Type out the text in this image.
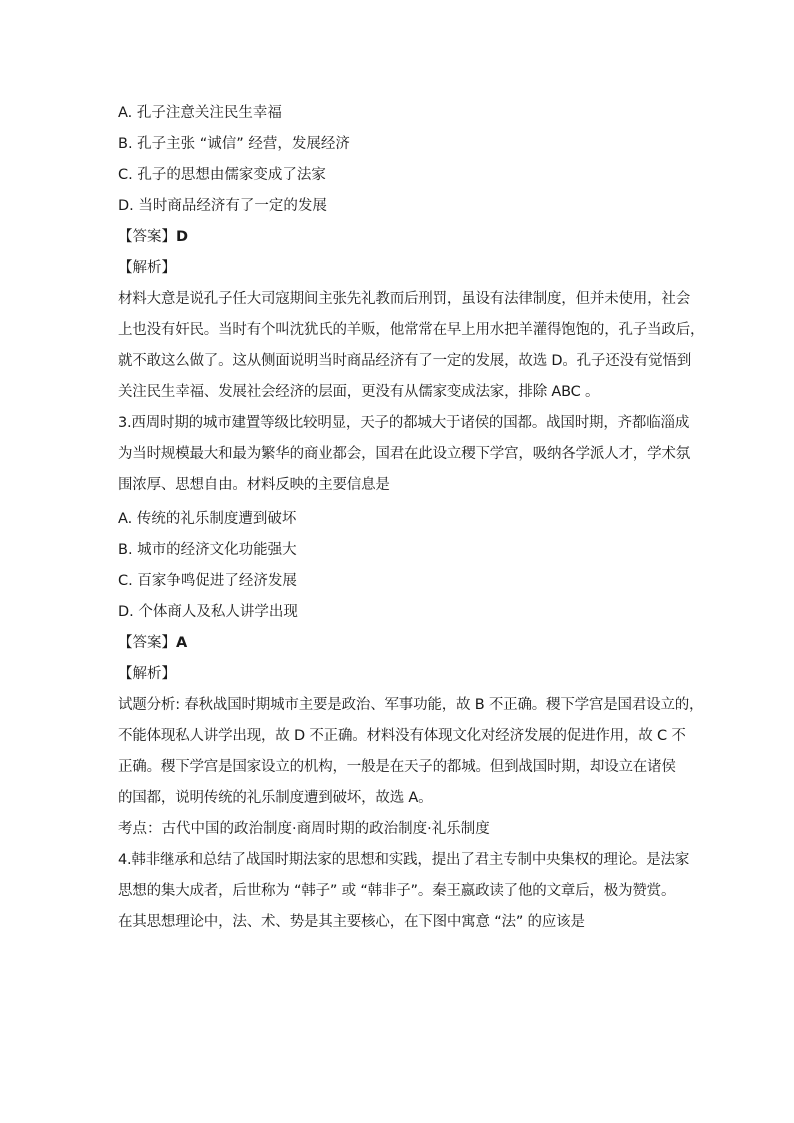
A. 孔子注意关注民生幸福
B. 孔子主张 “诚信” 经营，发展经济
C. 孔子的思想由儒家变成了法家
D. 当时商品经济有了一定的发展
【答案】D
【解析】
材料大意是说孔子任大司寇期间主张先礼教而后刑罚，虽设有法律制度，但并未使用，社会
上也没有奸民。当时有个叫沈犹氏的羊贩，他常常在早上用水把羊灌得饱饱的，孔子当政后，
就不敢这么做了。这从侧面说明当时商品经济有了一定的发展，故选 D。孔子还没有觉悟到
关注民生幸福、发展社会经济的层面，更没有从儒家变成法家，排除 ABC 。
3.西周时期的城市建置等级比较明显，天子的都城大于诸侯的国都。战国时期，齐都临淄成
为当时规模最大和最为繁华的商业都会，国君在此设立稷下学宫，吸纳各学派人才，学术氛
围浓厚、思想自由。材料反映的主要信息是
A. 传统的礼乐制度遭到破坏
B. 城市的经济文化功能强大
C. 百家争鸣促进了经济发展
D. 个体商人及私人讲学出现
【答案】A
【解析】
试题分析: 春秋战国时期城市主要是政治、军事功能，故 B 不正确。稷下学宫是国君设立的，
不能体现私人讲学出现，故 D 不正确。材料没有体现文化对经济发展的促进作用，故 C 不
正确。稷下学宫是国家设立的机构，一般是在天子的都城。但到战国时期，却设立在诸侯
的国都，说明传统的礼乐制度遭到破坏，故选 A。
考点：古代中国的政治制度·商周时期的政治制度·礼乐制度
4.韩非继承和总结了战国时期法家的思想和实践，提出了君主专制中央集权的理论。是法家
思想的集大成者，后世称为 “韩子” 或 “韩非子”。秦王嬴政读了他的文章后，极为赞赏。
在其思想理论中，法、术、势是其主要核心，在下图中寓意 “法” 的应该是
